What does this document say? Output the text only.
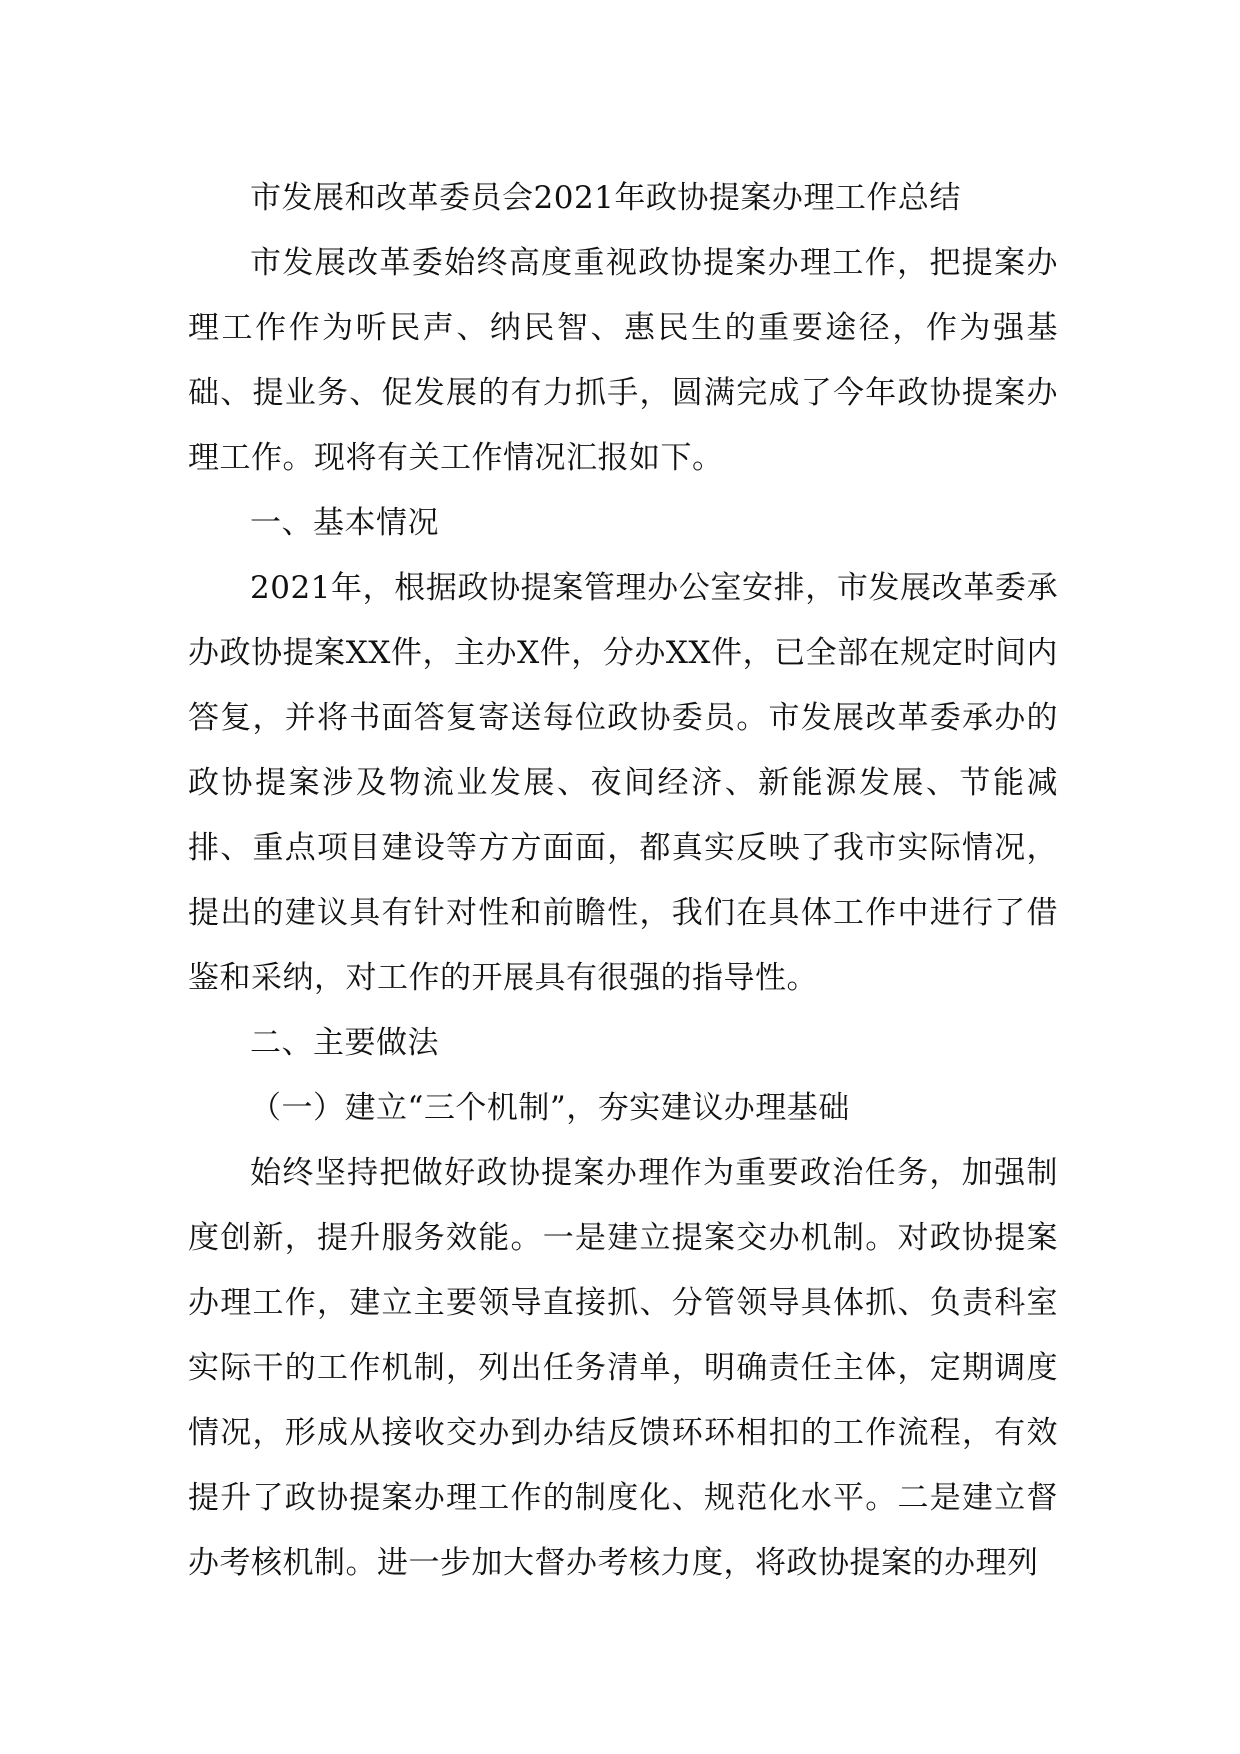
市发展和改革委员会2021年政协提案办理工作总结

市发展改革委始终高度重视政协提案办理工作，把提案办理工作作为听民声、纳民智、惠民生的重要途径，作为强基础、提业务、促发展的有力抓手，圆满完成了今年政协提案办理工作。现将有关工作情况汇报如下。

一、基本情况

2021年，根据政协提案管理办公室安排，市发展改革委承办政协提案XX件，主办X件，分办XX件，已全部在规定时间内答复，并将书面答复寄送每位政协委员。市发展改革委承办的政协提案涉及物流业发展、夜间经济、新能源发展、节能减排、重点项目建设等方方面面，都真实反映了我市实际情况，提出的建议具有针对性和前瞻性，我们在具体工作中进行了借鉴和采纳，对工作的开展具有很强的指导性。

二、主要做法

（一）建立“三个机制”，夯实建议办理基础

始终坚持把做好政协提案办理作为重要政治任务，加强制度创新，提升服务效能。一是建立提案交办机制。对政协提案办理工作，建立主要领导直接抓、分管领导具体抓、负责科室实际干的工作机制，列出任务清单，明确责任主体，定期调度情况，形成从接收交办到办结反馈环环相扣的工作流程，有效提升了政协提案办理工作的制度化、规范化水平。二是建立督办考核机制。进一步加大督办考核力度，将政协提案的办理列
